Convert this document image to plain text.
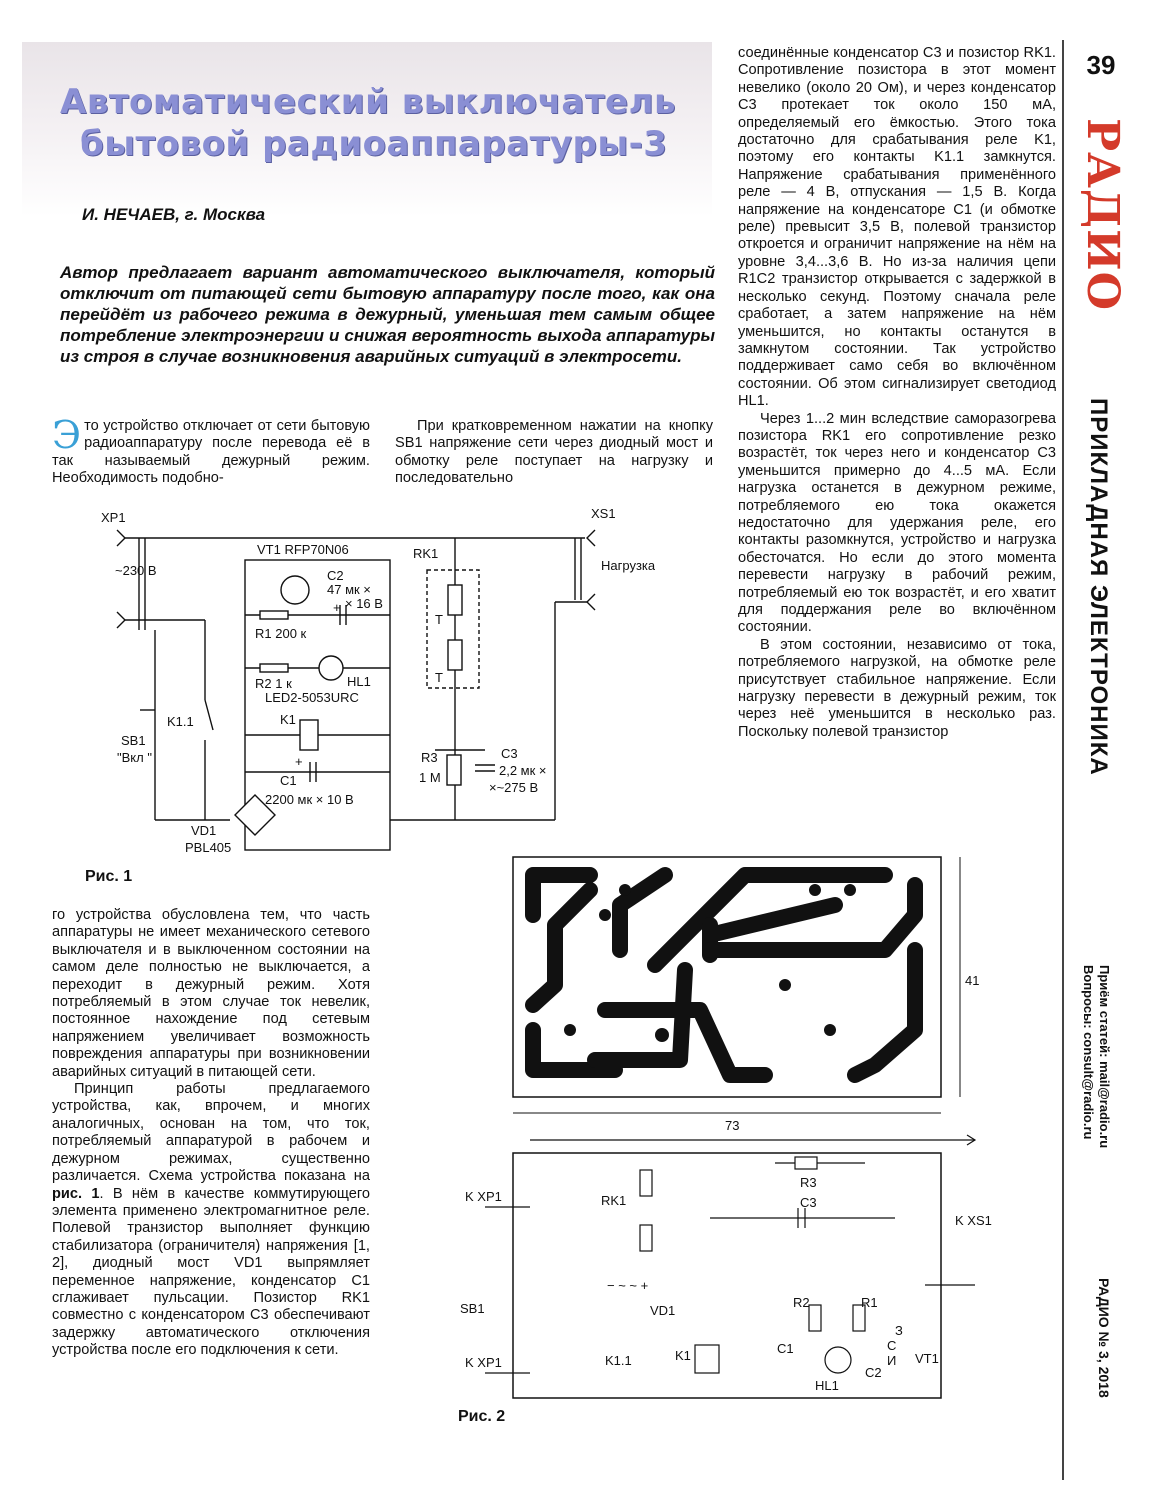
Автоматический выключатель
бытовой радиоаппаратуры-3
И. НЕЧАЕВ, г. Москва
Автор предлагает вариант автоматического выключателя, который отключит от питающей сети бытовую аппаратуру после того, как она перейдёт из рабочего режима в дежурный, уменьшая тем самым общее потребление электроэнергии и снижая вероятность выхода аппаратуры из строя в случае возникновения аварийных ситуаций в электросети.

Это устройство отключает от сети бытовую радиоаппаратуру после перевода её в так называемый дежурный режим. Необходимость подобно-

При кратковременном нажатии на кнопку SB1 напряжение сети через диодный мост и обмотку реле поступает на нагрузку и последовательно

го устройства обусловлена тем, что часть аппаратуры не имеет механического сетевого выключателя и в выключенном состоянии на самом деле полностью не выключается, а переходит в дежурный режим. Хотя потребляемый в этом случае ток невелик, постоянное нахождение под сетевым напряжением увеличивает возможность повреждения аппаратуры при возникновении аварийных ситуаций в питающей сети.

Принцип работы предлагаемого устройства, как, впрочем, и многих аналогичных, основан на том, что ток, потребляемый аппаратурой в рабочем и дежурном режимах, существенно различается. Схема устройства показана на рис. 1. В нём в качестве коммутирующего элемента применено электромагнитное реле. Полевой транзистор выполняет функцию стабилизатора (ограничителя) напряжения [1, 2], диодный мост VD1 выпрямляет переменное напряжение, конденсатор C1 сглаживает пульсации. Позистор RK1 совместно с конденсатором C3 обеспечивают задержку автоматического отключения устройства после его подключения к сети.

соединённые конденсатор C3 и позистор RK1. Сопротивление позистора в этот момент невелико (около 20 Ом), и через конденсатор C3 протекает ток около 150 мА, определяемый его ёмкостью. Этого тока достаточно для срабатывания реле K1, поэтому его контакты K1.1 замкнутся. Напряжение срабатывания применённого реле — 4 В, отпускания — 1,5 В. Когда напряжение на конденсаторе C1 (и обмотке реле) превысит 3,5 В, полевой транзистор откроется и ограничит напряжение на нём на уровне 3,4...3,6 В. Но из-за наличия цепи R1C2 транзистор открывается с задержкой в несколько секунд. Поэтому сначала реле сработает, а затем напряжение на нём уменьшится, но контакты останутся в замкнутом состоянии. Так устройство поддерживает само себя во включённом состоянии. Об этом сигнализирует светодиод HL1.

Через 1...2 мин вследствие саморазогрева позистора RK1 его сопротивление резко возрастёт, ток через него и конденсатор C3 уменьшится примерно до 4...5 мА. Если нагрузка останется в дежурном режиме, потребляемого ею тока окажется недостаточно для удержания реле, его контакты разомкнутся, устройство и нагрузка обесточатся. Но если до этого момента перевести нагрузку в рабочий режим, потребляемый ею ток возрастёт, и его хватит для поддержания реле во включённом состоянии.

В этом состоянии, независимо от тока, потребляемого нагрузкой, на обмотке реле присутствует стабильное напряжение. Если нагрузку перевести в дежурный режим, ток через неё уменьшится в несколько раз. Поскольку полевой транзистор

39
РАДИО
ПРИКЛАДНАЯ ЭЛЕКТРОНИКА
Приём статей: mail@radio.ru
Вопросы: consult@radio.ru
РАДИО № 3, 2018
XP1	XS1
~230 В	Нагрузка
VT1 RFP70N06
C2
47 мк ×
× 16 В
R1 200 к
R2 1 к	HL1
LED2-5053URC
K1
K1.1
SB1
"Вкл "
C1
2200 мк × 10 В
VD1
PBL405
RK1
T
T
R3
1 М
C3
2,2 мк ×
×~275 В
+
+
Рис. 1
73
41
K XP1
K XP1
K XS1
RK1
R3
C3
− ~ ~ +
VD1
SB1
K1.1	K1	C1
R2	R1
HL1
C2
VT1
З
С
И
Рис. 2
